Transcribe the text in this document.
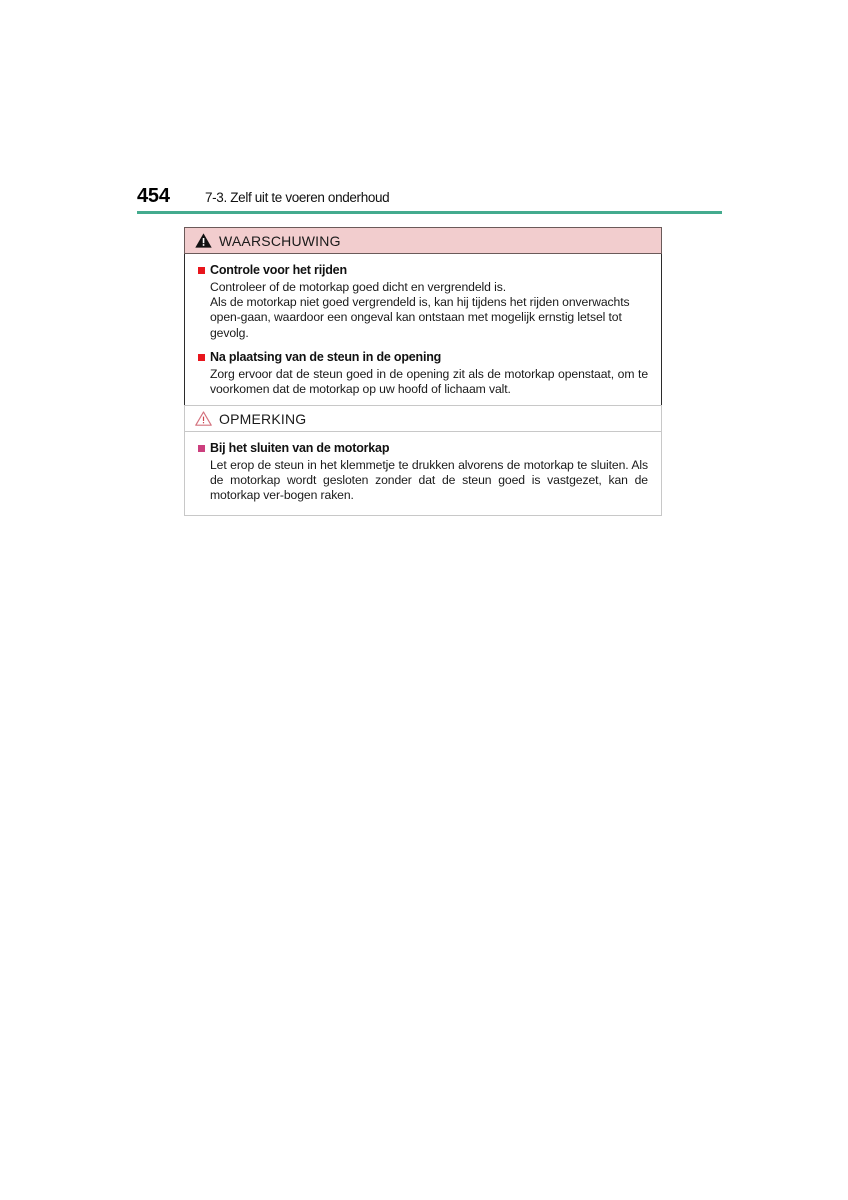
454	7-3. Zelf uit te voeren onderhoud
WAARSCHUWING
Controle voor het rijden

Controleer of de motorkap goed dicht en vergrendeld is.

Als de motorkap niet goed vergrendeld is, kan hij tijdens het rijden onverwachts open-gaan, waardoor een ongeval kan ontstaan met mogelijk ernstig letsel tot gevolg.

Na plaatsing van de steun in de opening

Zorg ervoor dat de steun goed in de opening zit als de motorkap openstaat, om te voorkomen dat de motorkap op uw hoofd of lichaam valt.

OPMERKING
Bij het sluiten van de motorkap

Let erop de steun in het klemmetje te drukken alvorens de motorkap te sluiten. Als de motorkap wordt gesloten zonder dat de steun goed is vastgezet, kan de motorkap ver-bogen raken.
